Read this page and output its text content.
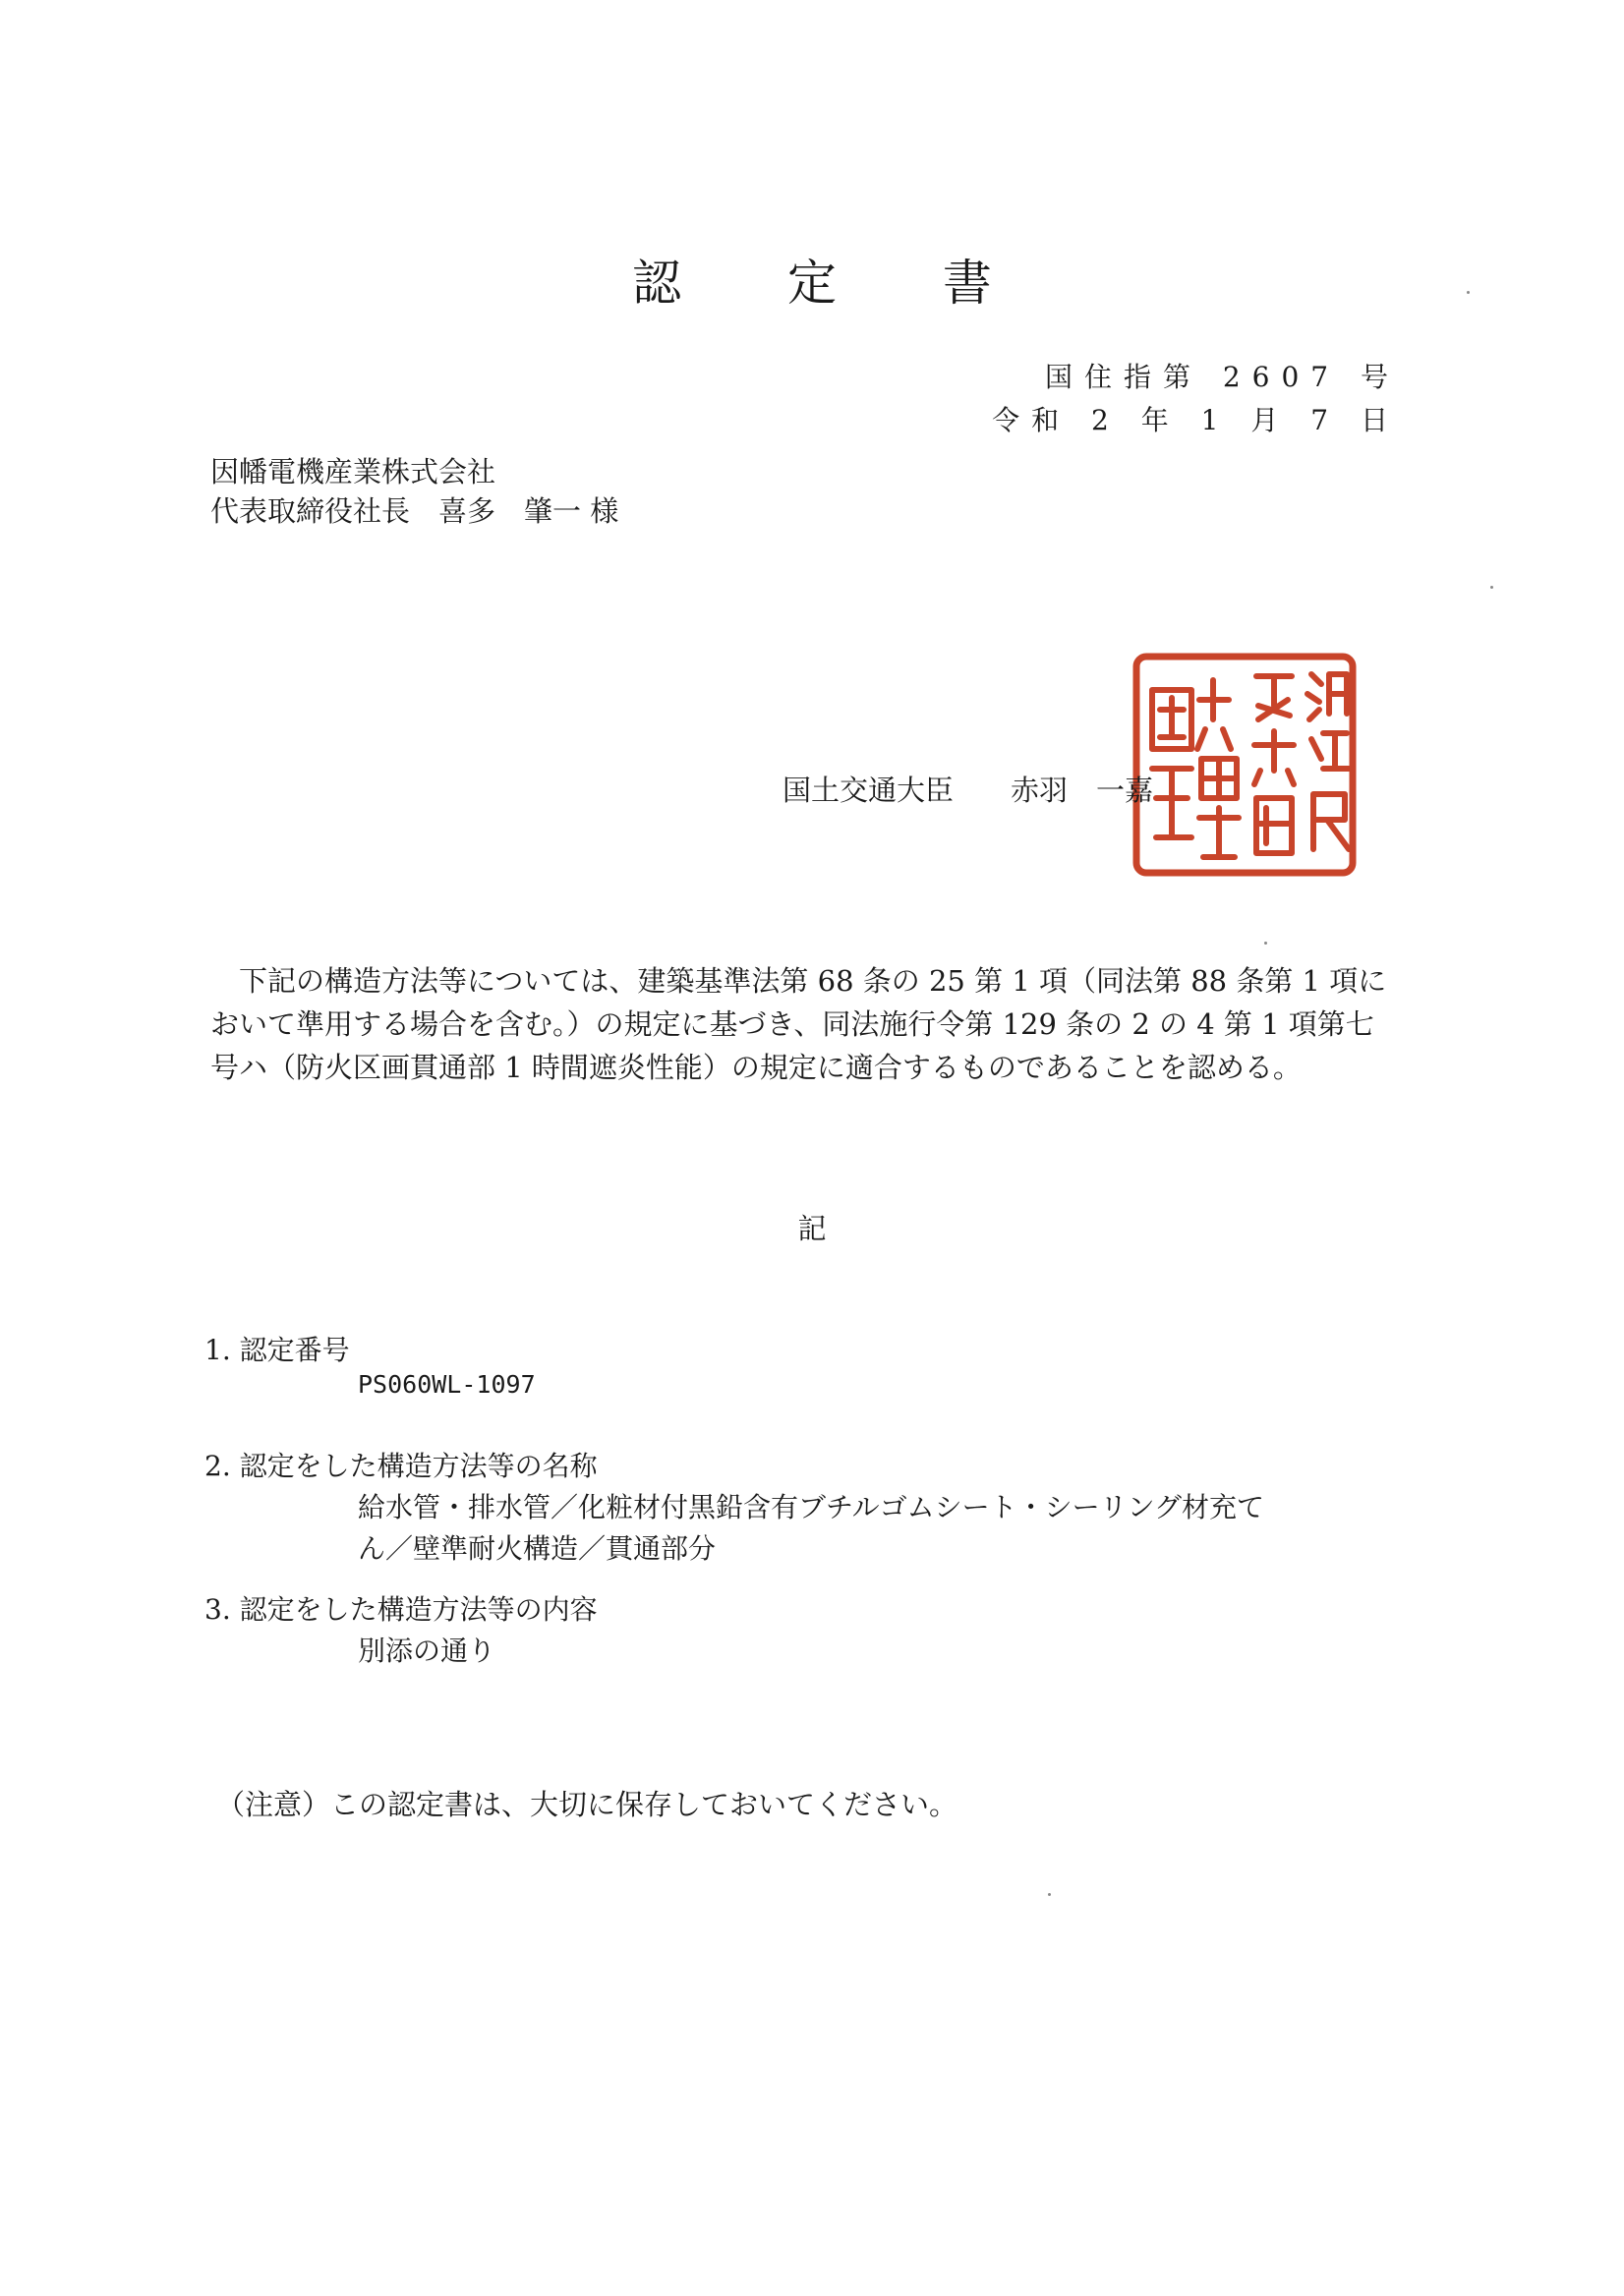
認 定 書
国住指第 2607 号
令和 2 年 1 月 7 日
因幡電機産業株式会社
代表取締役社長　喜多　肇一 様
国土交通大臣　　赤羽　一嘉
　下記の構造方法等については、建築基準法第 68 条の 25 第 1 項（同法第 88 条第 1 項に
おいて準用する場合を含む。）の規定に基づき、同法施行令第 129 条の 2 の 4 第 1 項第七
号ハ（防火区画貫通部 1 時間遮炎性能）の規定に適合するものであることを認める。
記
1. 認定番号
PS060WL-1097
2. 認定をした構造方法等の名称
給水管・排水管／化粧材付黒鉛含有ブチルゴムシート・シーリング材充て
ん／壁準耐火構造／貫通部分
3. 認定をした構造方法等の内容
別添の通り
（注意）この認定書は、大切に保存しておいてください。
